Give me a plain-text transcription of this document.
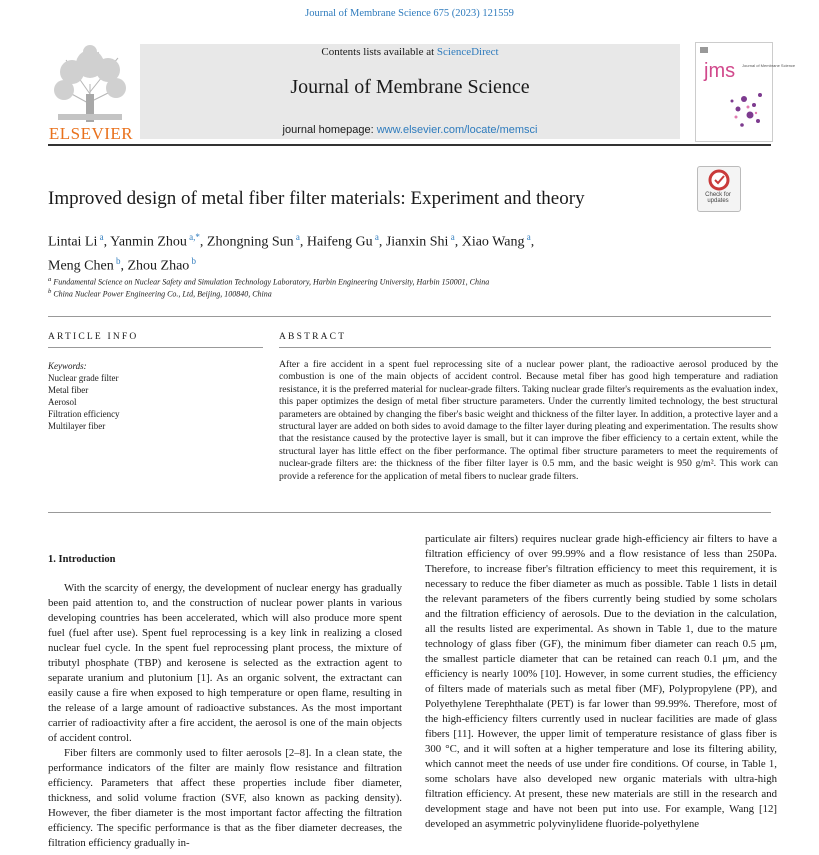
Journal of Membrane Science 675 (2023) 121559
ELSEVIER
Contents lists available at ScienceDirect
Journal of Membrane Science
journal homepage: www.elsevier.com/locate/memsci
jms Journal of Membrane Science
Check for updates
Improved design of metal fiber filter materials: Experiment and theory
Lintai Li $^a$, Yanmin Zhou $^{a,*}$, Zhongning Sun $^a$, Haifeng Gu $^a$, Jianxin Shi $^a$, Xiao Wang $^a$,
Meng Chen $^b$, Zhou Zhao $^b$
$^a$ Fundamental Science on Nuclear Safety and Simulation Technology Laboratory, Harbin Engineering University, Harbin 150001, China
$^b$ China Nuclear Power Engineering Co., Ltd, Beijing, 100840, China
ARTICLE INFO	ABSTRACT
Keywords:
Nuclear grade filter
Metal fiber
Aerosol
Filtration efficiency
Multilayer fiber
After a fire accident in a spent fuel reprocessing site of a nuclear power plant, the radioactive aerosol produced by the combustion is one of the main objects of accident control. Because metal fiber has good high temperature and radiation resistance, it is the preferred material for nuclear-grade filters. Taking nuclear grade filter's requirements as the evaluation index, this paper optimizes the design of metal fiber structure parameters. Under the currently limited technology, the best structural parameters are obtained by changing the fiber's basic weight and thickness of the filter layer. In addition, a protective layer and a structural layer are added on both sides to avoid damage to the filter layer during pleating and experimentation. The results show that the resistance caused by the protective layer is small, but it can improve the fiber efficiency to a certain extent, while the structural layer has little effect on the fiber performance. The optimal fiber structure parameters to meet the requirements of nuclear-grade filters are: the thickness of the fiber filter layer is 0.5 mm, and the basic weight is 950 g/m². This work can provide a reference for the application of metal fibers to nuclear grade filters.
1. Introduction

With the scarcity of energy, the development of nuclear energy has gradually been paid attention to, and the construction of nuclear power plants in various developing countries has been accelerated, which will also produce more spent fuel (fuel after use). Spent fuel reprocessing is a key link in realizing a closed nuclear fuel cycle. In the spent fuel reprocessing plant process, the mixture of tributyl phosphate (TBP) and kerosene is selected as the extraction agent to separate uranium and plutonium [1]. As an organic solvent, the extractant can easily cause a fire when exposed to high temperature or open flame, resulting in the release of a large amount of radioactive substances. As the most important carrier of radioactivity after a fire accident, the aerosol is one of the main objects of accident control.

Fiber filters are commonly used to filter aerosols [2–8]. In a clean state, the performance indicators of the filter are mainly flow resistance and filtration efficiency. Parameters that affect these properties include fiber diameter, thickness, and solid volume fraction (SVF, also known as packing density). However, the fiber diameter is the most important factor affecting the filtration efficiency. The specific performance is that as the fiber diameter decreases, the filtration efficiency gradually in-

particulate air filters) requires nuclear grade high-efficiency air filters to have a filtration efficiency of over 99.99% and a flow resistance of less than 250Pa. Therefore, to increase fiber's filtration efficiency to meet this requirement, it is necessary to reduce the fiber diameter as much as possible. Table 1 lists in detail the relevant parameters of the fibers currently being studied by some scholars and the filtration efficiency of aerosols. Due to the deviation in the calculation, all the results listed are experimental. As shown in Table 1, due to the mature technology of glass fiber (GF), the minimum fiber diameter can reach 0.5 μm, the smallest particle diameter that can be retained can reach 0.1 μm, and the efficiency is nearly 100% [10]. However, in some current studies, the efficiency of filters made of materials such as metal fiber (MF), Polypropylene (PP), and Polyethylene Terephthalate (PET) is far lower than 99.99%. Therefore, most of the high-efficiency filters currently used in nuclear facilities are made of glass fibers [11]. However, the upper limit of temperature resistance of glass fiber is 300 °C, and it will soften at a higher temperature and lose its filtering ability, which cannot meet the needs of use under fire conditions. Of course, in Table 1, some scholars have also developed new organic materials with ultra-high filtration efficiency. At present, these new materials are still in the research and development stage and have not been put into use. For example, Wang [12] developed an asymmetric polyvinylidene fluoride-polyethylene
